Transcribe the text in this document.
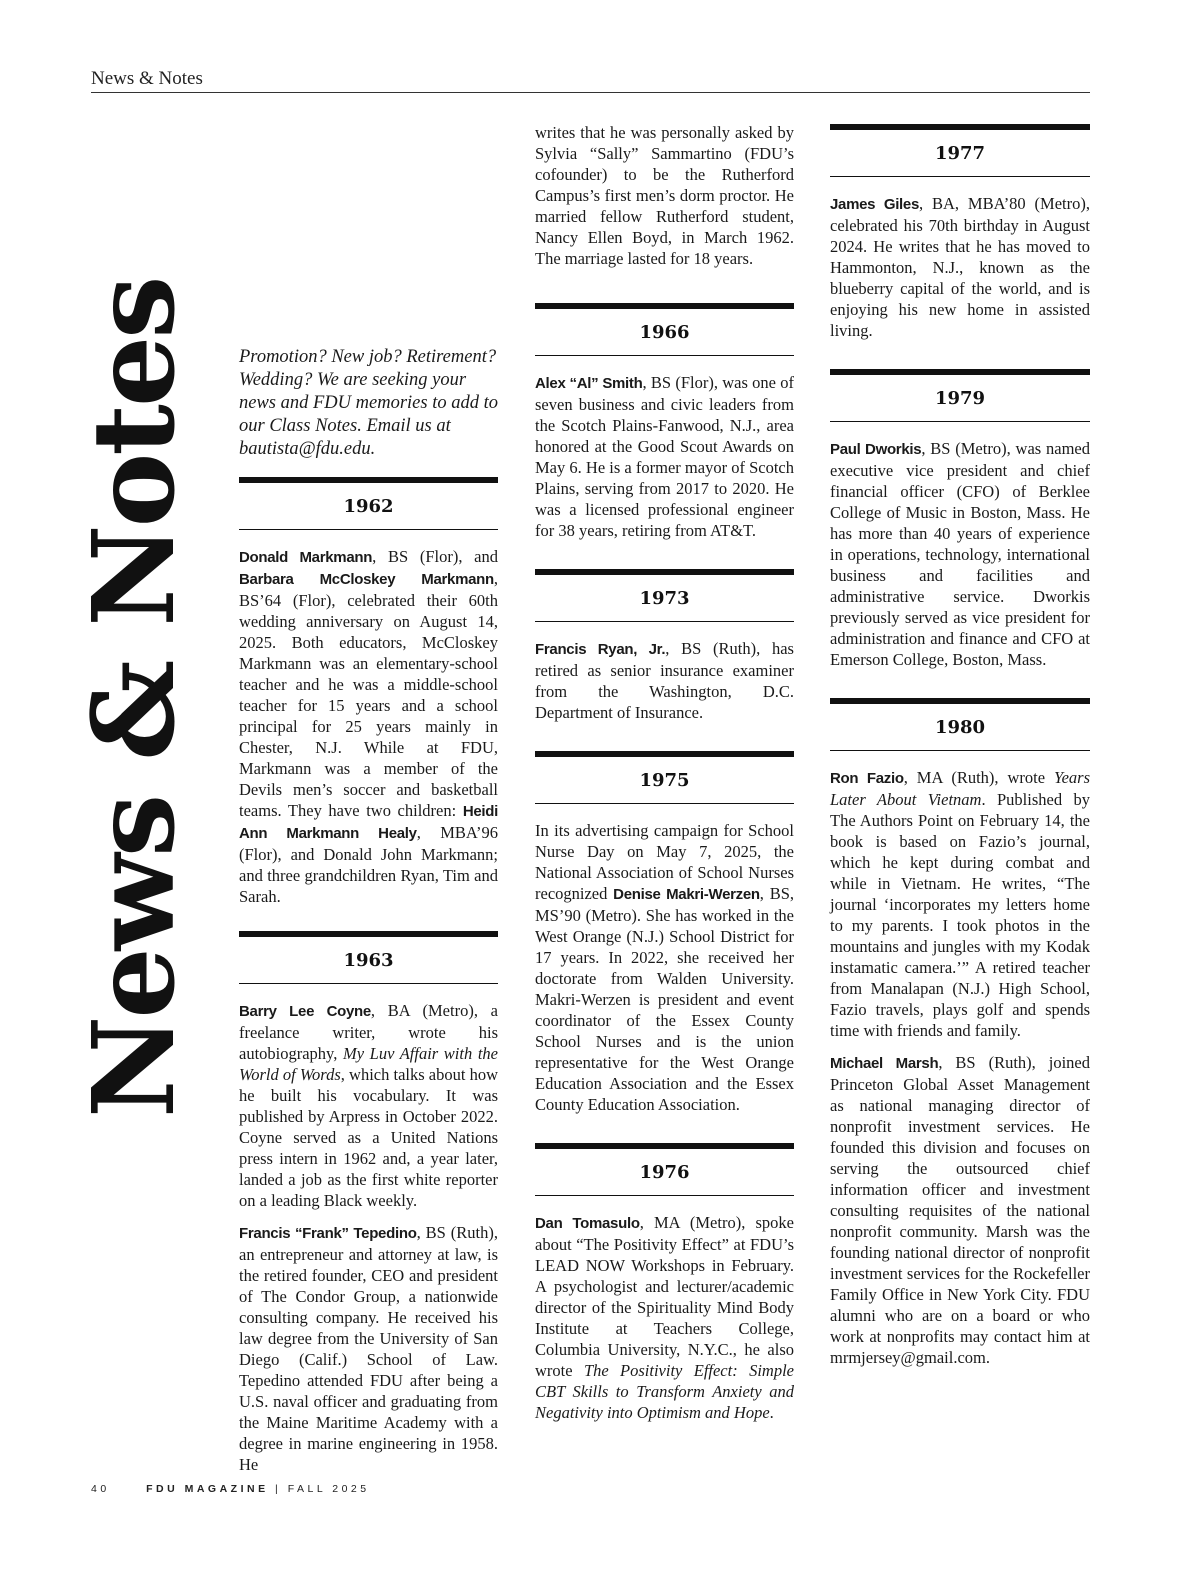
News & Notes
News & Notes Promotion? New job? Retirement? Wedding? We are seeking your news and FDU memories to add to our Class Notes. Email us at bautista@fdu.edu.

1962

Donald Markmann, BS (Flor), and Barbara McCloskey Markmann, BS’64 (Flor), celebrated their 60th wedding anniversary on August 14, 2025. Both educators, McCloskey Markmann was an elementary-school teacher and he was a middle-school teacher for 15 years and a school principal for 25 years mainly in Chester, N.J. While at FDU, Markmann was a member of the Devils men’s soccer and basketball teams. They have two children: Heidi Ann Markmann Healy, MBA’96 (Flor), and Donald John Markmann; and three grandchildren Ryan, Tim and Sarah.

1963

Barry Lee Coyne, BA (Metro), a freelance writer, wrote his autobiography, My Luv Affair with the World of Words, which talks about how he built his vocabulary. It was published by Arpress in October 2022. Coyne served as a United Nations press intern in 1962 and, a year later, landed a job as the first white reporter on a leading Black weekly.

Francis “Frank” Tepedino, BS (Ruth), an entrepreneur and attorney at law, is the retired founder, CEO and president of The Condor Group, a nationwide consulting company. He received his law degree from the University of San Diego (Calif.) School of Law. Tepedino attended FDU after being a U.S. naval officer and graduating from the Maine Maritime Academy with a degree in marine engineering in 1958. He

writes that he was personally asked by Sylvia “Sally” Sammartino (FDU’s cofounder) to be the Rutherford Campus’s first men’s dorm proctor. He married fellow Rutherford student, Nancy Ellen Boyd, in March 1962. The marriage lasted for 18 years.

1966

Alex “Al” Smith, BS (Flor), was one of seven business and civic leaders from the Scotch Plains-Fanwood, N.J., area honored at the Good Scout Awards on May 6. He is a former mayor of Scotch Plains, serving from 2017 to 2020. He was a licensed professional engineer for 38 years, retiring from AT&T.

1973

Francis Ryan, Jr., BS (Ruth), has retired as senior insurance examiner from the Washington, D.C. Department of Insurance.

1975

In its advertising campaign for School Nurse Day on May 7, 2025, the National Association of School Nurses recognized Denise Makri-Werzen, BS, MS’90 (Metro). She has worked in the West Orange (N.J.) School District for 17 years. In 2022, she received her doctorate from Walden University. Makri-Werzen is president and event coordinator of the Essex County School Nurses and is the union representative for the West Orange Education Association and the Essex County Education Association.

1976

Dan Tomasulo, MA (Metro), spoke about “The Positivity Effect” at FDU’s LEAD NOW Workshops in February. A psychologist and lecturer/academic director of the Spirituality Mind Body Institute at Teachers College, Columbia University, N.Y.C., he also wrote The Positivity Effect: Simple CBT Skills to Transform Anxiety and Negativity into Optimism and Hope.

1977

James Giles, BA, MBA’80 (Metro), celebrated his 70th birthday in August 2024. He writes that he has moved to Hammonton, N.J., known as the blueberry capital of the world, and is enjoying his new home in assisted living.

1979

Paul Dworkis, BS (Metro), was named executive vice president and chief financial officer (CFO) of Berklee College of Music in Boston, Mass. He has more than 40 years of experience in operations, technology, international business and facilities and administrative service. Dworkis previously served as vice president for administration and finance and CFO at Emerson College, Boston, Mass.

1980

Ron Fazio, MA (Ruth), wrote Years Later About Vietnam. Published by The Authors Point on February 14, the book is based on Fazio’s journal, which he kept during combat and while in Vietnam. He writes, “The journal ‘incorporates my letters home to my parents. I took photos in the mountains and jungles with my Kodak instamatic camera.’” A retired teacher from Manalapan (N.J.) High School, Fazio travels, plays golf and spends time with friends and family.

Michael Marsh, BS (Ruth), joined Princeton Global Asset Management as national managing director of nonprofit investment services. He founded this division and focuses on serving the outsourced chief information officer and investment consulting requisites of the national nonprofit community. Marsh was the founding national director of nonprofit investment services for the Rockefeller Family Office in New York City. FDU alumni who are on a board or who work at nonprofits may contact him at mrmjersey@gmail.com.

40	FDU MAGAZINE | FALL 2025
